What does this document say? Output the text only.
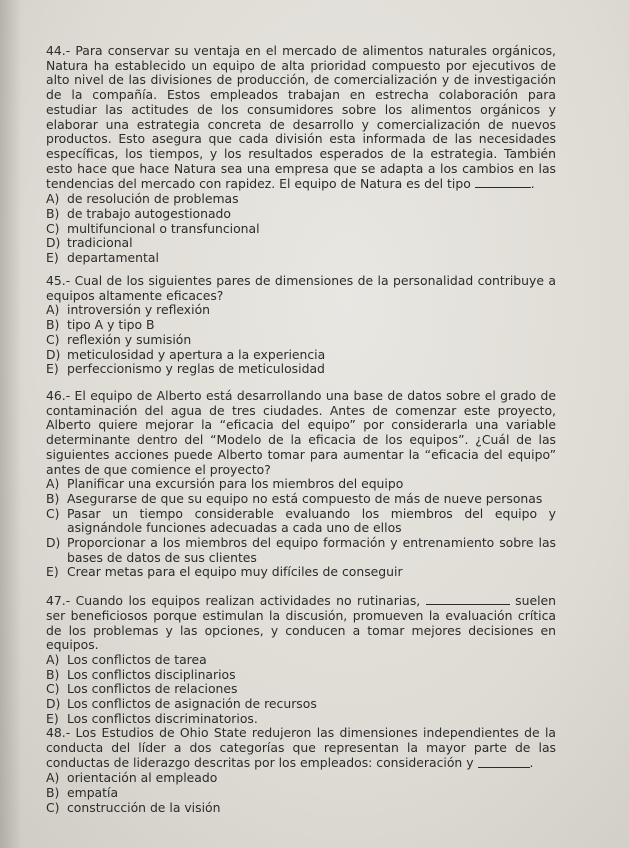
44.- Para conservar su ventaja en el mercado de alimentos naturales orgánicos, Natura ha establecido un equipo de alta prioridad compuesto por ejecutivos de alto nivel de las divisiones de producción, de comercialización y de investigación de la compañía. Estos empleados trabajan en estrecha colaboración para estudiar las actitudes de los consumidores sobre los alimentos orgánicos y elaborar una estrategia concreta de desarrollo y comercialización de nuevos productos. Esto asegura que cada división esta informada de las necesidades específicas, los tiempos, y los resultados esperados de la estrategia. También esto hace que hace Natura sea una empresa que se adapta a los cambios en las tendencias del mercado con rapidez. El equipo de Natura es del tipo	.

A) de resolución de problemas
B) de trabajo autogestionado
C) multifuncional o transfuncional
D) tradicional
E) departamental

45.- Cual de los siguientes pares de dimensiones de la personalidad contribuye a equipos altamente eficaces?

A) introversión y reflexión
B) tipo A y tipo B
C) reflexión y sumisión
D) meticulosidad y apertura a la experiencia
E) perfeccionismo y reglas de meticulosidad

46.- El equipo de Alberto está desarrollando una base de datos sobre el grado de contaminación del agua de tres ciudades. Antes de comenzar este proyecto, Alberto quiere mejorar la “eficacia del equipo” por considerarla una variable determinante dentro del “Modelo de la eficacia de los equipos”. ¿Cuál de las siguientes acciones puede Alberto tomar para aumentar la “eficacia del equipo” antes de que comience el proyecto?

A) Planificar una excursión para los miembros del equipo
B) Asegurarse de que su equipo no está compuesto de más de nueve personas
C) Pasar un tiempo considerable evaluando los miembros del equipo y asignándole funciones adecuadas a cada uno de ellos
D) Proporcionar a los miembros del equipo formación y entrenamiento sobre las bases de datos de sus clientes
E) Crear metas para el equipo muy difíciles de conseguir

47.- Cuando los equipos realizan actividades no rutinarias,	suelen ser beneficiosos porque estimulan la discusión, promueven la evaluación crítica de los problemas y las opciones, y conducen a tomar mejores decisiones en equipos.

A) Los conflictos de tarea
B) Los conflictos disciplinarios
C) Los conflictos de relaciones
D) Los conflictos de asignación de recursos
E) Los conflictos discriminatorios.

48.- Los Estudios de Ohio State redujeron las dimensiones independientes de la conducta del líder a dos categorías que representan la mayor parte de las conductas de liderazgo descritas por los empleados: consideración y	.

A) orientación al empleado
B) empatía
C) construcción de la visión
